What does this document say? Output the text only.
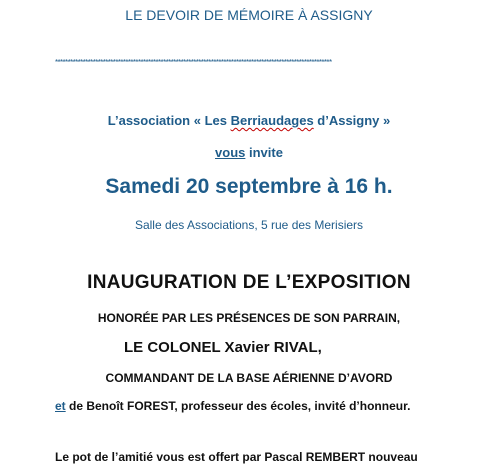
LE DEVOIR DE MÉMOIRE À ASSIGNY
**************************************************************************************************************
L’association « Les Berriaudages d’Assigny »
vous invite
Samedi 20 septembre à 16 h.
Salle des Associations, 5 rue des Merisiers
INAUGURATION DE L’EXPOSITION
HONORÉE PAR LES PRÉSENCES DE SON PARRAIN,
LE COLONEL Xavier RIVAL,
COMMANDANT DE LA BASE AÉRIENNE D’AVORD
et de Benoît FOREST, professeur des écoles, invité d’honneur.
Le pot de l’amitié vous est offert par Pascal REMBERT nouveau
